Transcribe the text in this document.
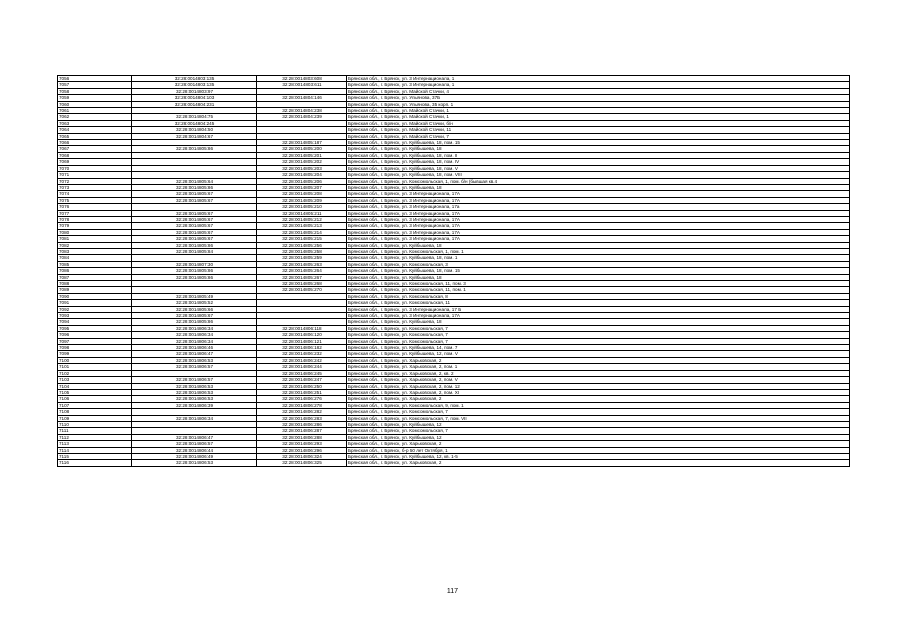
7056	32:28:0014803:135	32:28:0014803:608	Брянская обл., г. Брянск, ул. 3 Интернационала, 1
7057	32:28:0014803:135	32:28:0014803:611	Брянская обл., г. Брянск, ул. 3 Интернационала, 1
7058	32:28:0014803:97		Брянская обл., г. Брянск, ул. Майской Стачки, 4
7059	32:28:0014804:103	32:28:0014804:146	Брянская обл., г. Брянск, ул. Ульянова, 37Б
7060	32:28:0014804:231		Брянская обл., г. Брянск, ул. Ульянова, 35 корп. 1
7061		32:28:0014804:238	Брянская обл., г. Брянск, ул. Майской Стачки, 1
7062	32:28:0014804:75	32:28:0014804:239	Брянская обл., г. Брянск, ул. Майской Стачки, 1
7063	32:28:0014804:245		Брянская обл., г. Брянск, ул. Майской Стачки, б/н
7064	32:28:0014804:50		Брянская обл., г. Брянск, ул. Майской Стачки, 11
7065	32:28:0014804:67		Брянская обл., г. Брянск, ул. Майской Стачки, 7
7066		32:28:0014805:187	Брянская обл., г. Брянск, ул. Куйбышева, 18, пом. 15
7067	32:28:0014805:86	32:28:0014805:200	Брянская обл., г. Брянск, ул. Куйбышева, 18
7068		32:28:0014805:201	Брянская обл., г. Брянск, ул. Куйбышева, 18, пом. II
7069		32:28:0014805:202	Брянская обл., г. Брянск, ул. Куйбышева, 18, пом. IV
7070		32:28:0014805:203	Брянская обл., г. Брянск, ул. Куйбышева, 18, пом. V
7071		32:28:0014805:204	Брянская обл., г. Брянск, ул. Куйбышева, 18, пом. VIII
7072	32:28:0014805:64	32:28:0014805:206	Брянская обл., г. Брянск, ул. Комсомольская, 1, пом. б/н (бывшая кв.4
7073	32:28:0014805:86	32:28:0014805:207	Брянская обл., г. Брянск, ул. Куйбышева, 18
7074	32:28:0014805:67	32:28:0014805:208	Брянская обл., г. Брянск, ул. 3 Интернационала, 17А
7075	32:28:0014805:67	32:28:0014805:209	Брянская обл., г. Брянск, ул. 3 Интернационала, 17А
7076		32:28:0014805:210	Брянская обл., г. Брянск, ул. 3 Интернационала, 17а
7077	32:28:0014805:67	32:28:0014805:211	Брянская обл., г. Брянск, ул. 3 Интернационала, 17А
7078	32:28:0014805:67	32:28:0014805:212	Брянская обл., г. Брянск, ул. 3 Интернационала, 17А
7079	32:28:0014805:67	32:28:0014805:213	Брянская обл., г. Брянск, ул. 3 Интернационала, 17А
7080	32:28:0014805:67	32:28:0014805:214	Брянская обл., г. Брянск, ул. 3 Интернационала, 17А
7081	32:28:0014805:67	32:28:0014805:215	Брянская обл., г. Брянск, ул. 3 Интернационала, 17А
7082	32:28:0014805:86	32:28:0014805:256	Брянская обл., г. Брянск, ул. Куйбышева, 18
7083	32:28:0014805:84	32:28:0014805:258	Брянская обл., г. Брянск, ул. Комсомольская, 1, пом. 1
7084		32:28:0014805:259	Брянская обл., г. Брянск, ул. Куйбышева, 18, пом. 1
7085	32:28:0014807:30	32:28:0014805:263	Брянская обл., г. Брянск, ул. Комсомольская, 3
7086	32:28:0014805:86	32:28:0014805:264	Брянская обл., г. Брянск, ул. Куйбышева, 18, пом. 15
7087	32:28:0014805:86	32:28:0014805:267	Брянская обл., г. Брянск, ул. Куйбышева, 18
7088		32:28:0014805:268	Брянская обл., г. Брянск, ул. Комсомольская, 11, пом. 3
7089		32:28:0014805:270	Брянская обл., г. Брянск, ул. Комсомольская, 11, пом. 1
7090	32:28:0014805:49		Брянская обл., г. Брянск, ул. Комсомольская, 8
7091	32:28:0014805:52		Брянская обл., г. Брянск, ул. Комсомольская, 11
7092	32:28:0014805:66		Брянская обл., г. Брянск, ул. 3 Интернационала, 17 Б
7093	32:28:0014805:67		Брянская обл., г. Брянск, ул. 3 Интернационала, 17А
7094	32:28:0014805:86		Брянская обл., г. Брянск, ул. Куйбышева, 18
7095	32:28:0014806:34	32:28:0014806:118	Брянская обл., г. Брянск, ул. Комсомольская, 7
7096	32:28:0014806:34	32:28:0014806:120	Брянская обл., г. Брянск, ул. Комсомольская, 7
7097	32:28:0014806:34	32:28:0014806:121	Брянская обл., г. Брянск, ул. Комсомольская, 7
7098	32:28:0014806:46	32:28:0014806:182	Брянская обл., г. Брянск, ул. Куйбышева, 14, пом. 7
7099	32:28:0014806:47	32:28:0014806:232	Брянская обл., г. Брянск, ул. Куйбышева, 12, пом. V
7100	32:28:0014806:53	32:28:0014806:242	Брянская обл., г. Брянск, ул. Харьковская, 2
7101	32:28:0014806:57	32:28:0014806:244	Брянская обл., г. Брянск, ул. Харьковская, 2, пом. 1
7102		32:28:0014806:245	Брянская обл., г. Брянск, ул. Харьковская, 2, кв. 2
7103	32:28:0014806:57	32:28:0014806:247	Брянская обл., г. Брянск, ул. Харьковская, 2, пом. V
7104	32:28:0014806:53	32:28:0014806:250	Брянская обл., г. Брянск, ул. Харьковская, 2, пом. 12
7105	32:28:0014806:53	32:28:0014806:251	Брянская обл., г. Брянск, ул. Харьковская, 2, пом. XI
7106	32:28:0014806:53	32:28:0014806:276	Брянская обл., г. Брянск, ул. Харьковская, 2
7107	32:28:0014806:39	32:28:0014806:278	Брянская обл., г. Брянск, ул. Комсомольская, 9, пом. 1
7108		32:28:0014806:282	Брянская обл., г. Брянск, ул. Комсомольская, 7
7109	32:28:0014806:34	32:28:0014806:283	Брянская обл., г. Брянск, ул. Комсомольская, 7, пом. VII
7110		32:28:0014806:286	Брянская обл., г. Брянск, ул. Куйбышева, 12
7111		32:28:0014806:287	Брянская обл., г. Брянск, ул. Комсомольская, 7
7112	32:28:0014806:47	32:28:0014806:288	Брянская обл., г. Брянск, ул. Куйбышева, 12
7113	32:28:0014806:57	32:28:0014806:293	Брянская обл., г. Брянск, ул. Харьковская, 2
7114	32:28:0014806:44	32:28:0014806:296	Брянская обл., г. Брянск, б-р 50 лет Октября, 1
7115	32:28:0014806:49	32:28:0014806:324	Брянская обл., г. Брянск, ул. Куйбышева, 12, кв. 1-5
7116	32:28:0014806:53	32:28:0014806:325	Брянская обл., г. Брянск, ул. Харьковская, 2
117
